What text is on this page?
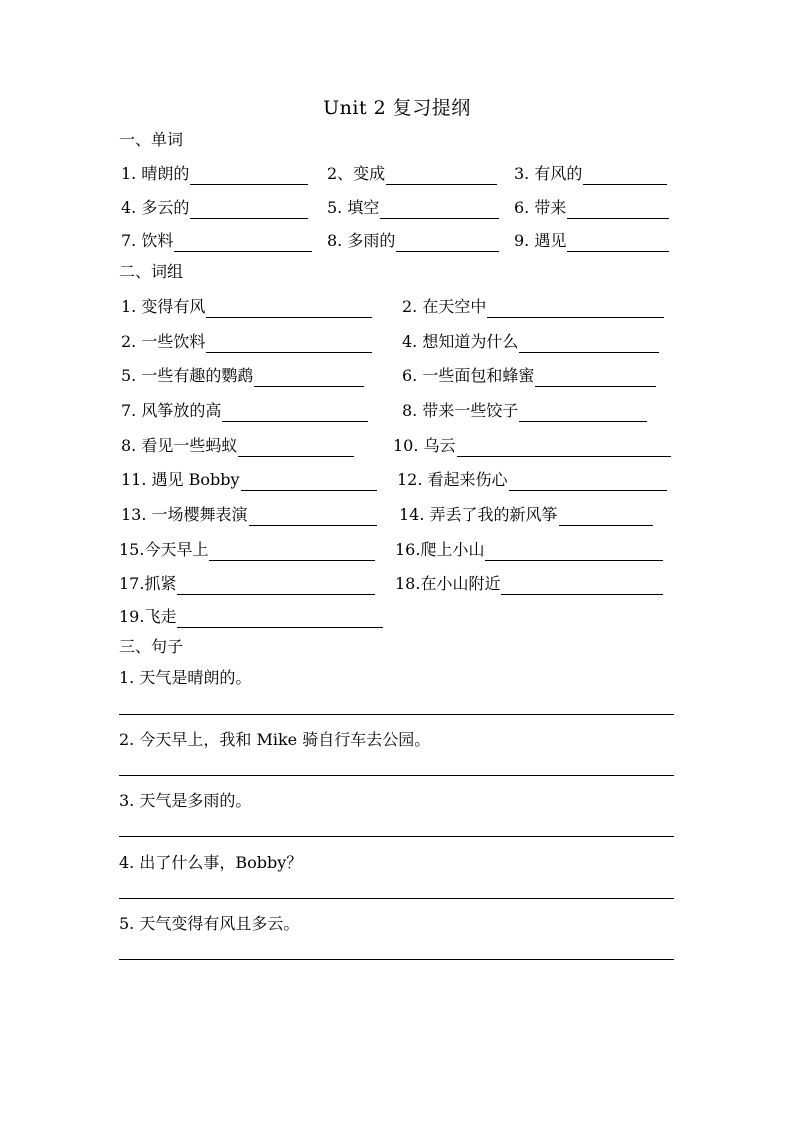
Unit 2 复习提纲
一、单词
1. 晴朗的	2、变成	3. 有风的
4. 多云的	5. 填空	6. 带来
7. 饮料	8. 多雨的	9. 遇见
二、词组
1. 变得有风	2. 在天空中
2. 一些饮料	4. 想知道为什么
5. 一些有趣的鹦鹉	6. 一些面包和蜂蜜
7. 风筝放的高	8. 带来一些饺子
8. 看见一些蚂蚁	10. 乌云
11. 遇见 Bobby	12. 看起来伤心
13. 一场樱舞表演	14. 弄丢了我的新风筝
15.今天早上	16.爬上小山
17.抓紧	18.在小山附近
19.飞走
三、句子
1. 天气是晴朗的。
2. 今天早上，我和 Mike 骑自行车去公园。
3. 天气是多雨的。
4. 出了什么事，Bobby？
5. 天气变得有风且多云。
